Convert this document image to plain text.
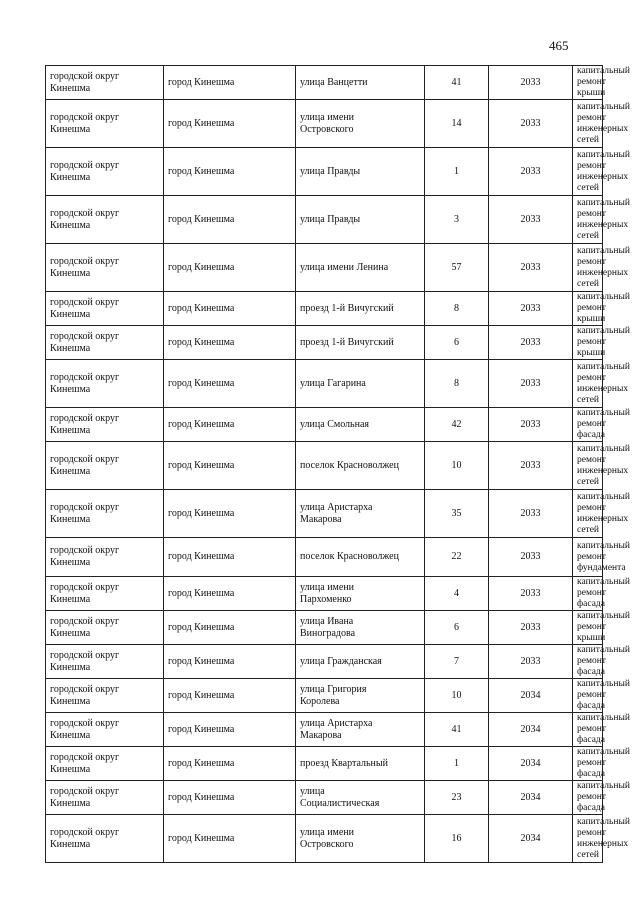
465
городской округ
Кинешма	город Кинешма	улица Ванцетти	41	2033	капитальный ремонт крыши

городской округ
Кинешма	город Кинешма	улица имени
Островского	14	2033	капитальный ремонт инженерных сетей

городской округ
Кинешма	город Кинешма	улица Правды	1	2033	капитальный ремонт инженерных сетей

городской округ
Кинешма	город Кинешма	улица Правды	3	2033	капитальный ремонт инженерных сетей

городской округ
Кинешма	город Кинешма	улица имени Ленина	57	2033	капитальный ремонт инженерных сетей

городской округ
Кинешма	город Кинешма	проезд 1-й Вичугский	8	2033	капитальный ремонт крыши

городской округ
Кинешма	город Кинешма	проезд 1-й Вичугский	6	2033	капитальный ремонт крыши

городской округ
Кинешма	город Кинешма	улица Гагарина	8	2033	капитальный ремонт инженерных сетей

городской округ
Кинешма	город Кинешма	улица Смольная	42	2033	капитальный ремонт фасада

городской округ
Кинешма	город Кинешма	поселок Красноволжец	10	2033	капитальный ремонт инженерных сетей

городской округ
Кинешма	город Кинешма	улица Аристарха
Макарова	35	2033	капитальный ремонт инженерных сетей

городской округ
Кинешма	город Кинешма	поселок Красноволжец	22	2033	капитальный ремонт фундамента

городской округ
Кинешма	город Кинешма	улица имени
Пархоменко	4	2033	капитальный ремонт фасада

городской округ
Кинешма	город Кинешма	улица Ивана
Виноградова	6	2033	капитальный ремонт крыши

городской округ
Кинешма	город Кинешма	улица Гражданская	7	2033	капитальный ремонт фасада

городской округ
Кинешма	город Кинешма	улица Григория
Королева	10	2034	капитальный ремонт фасада

городской округ
Кинешма	город Кинешма	улица Аристарха
Макарова	41	2034	капитальный ремонт фасада

городской округ
Кинешма	город Кинешма	проезд Квартальный	1	2034	капитальный ремонт фасада

городской округ
Кинешма	город Кинешма	улица
Социалистическая	23	2034	капитальный ремонт фасада

городской округ
Кинешма	город Кинешма	улица имени
Островского	16	2034	капитальный ремонт инженерных сетей
